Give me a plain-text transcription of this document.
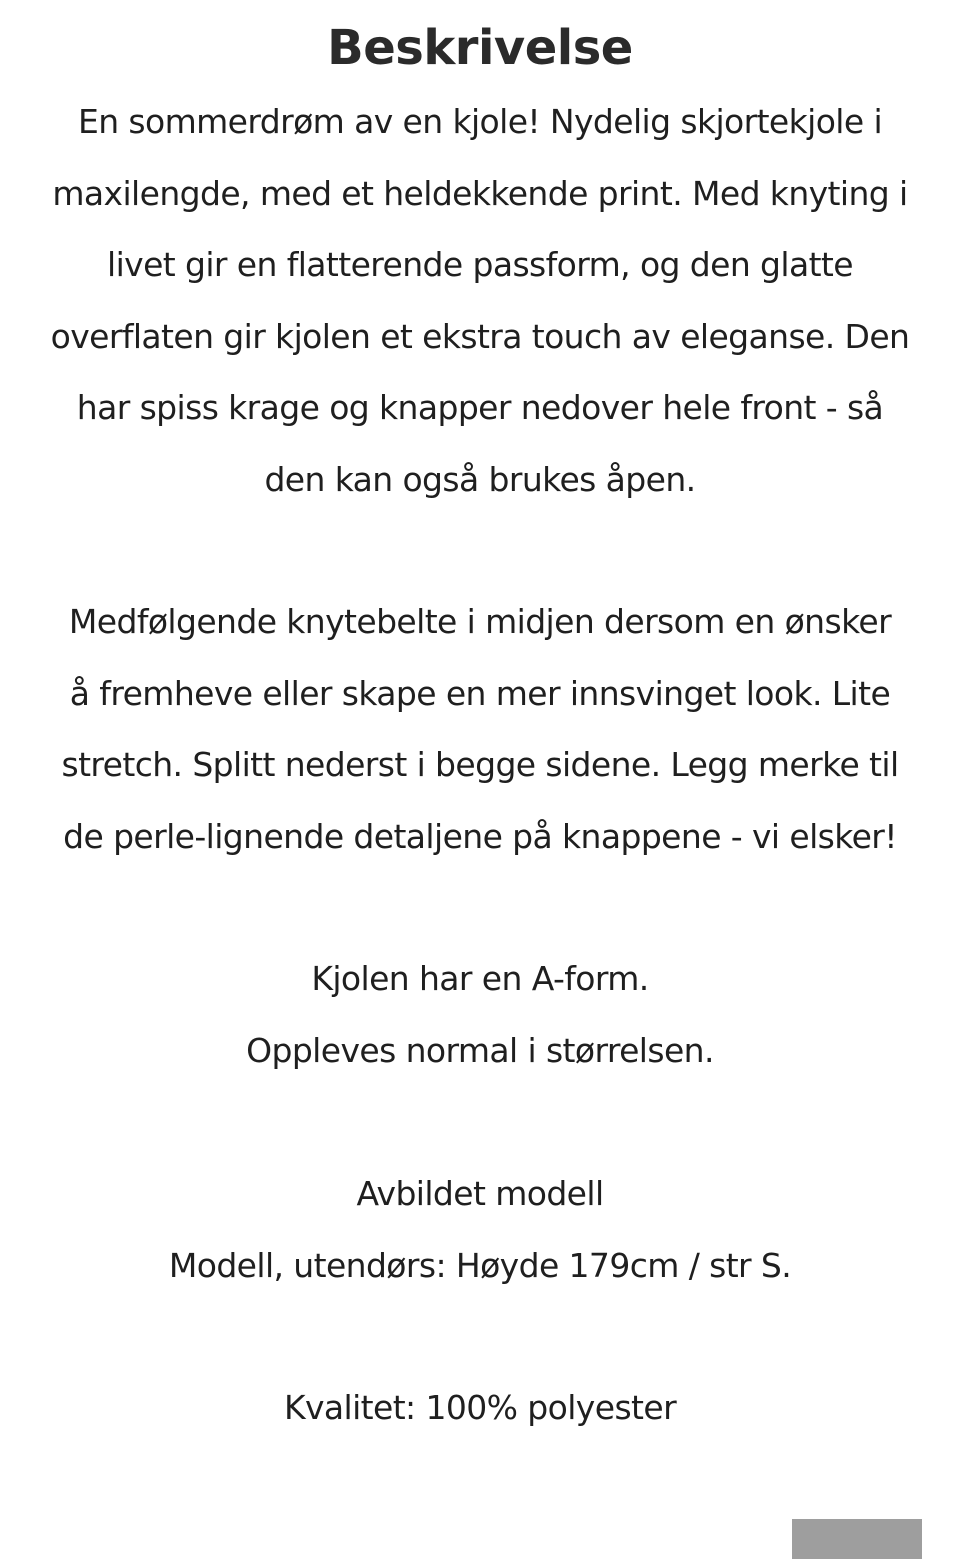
Beskrivelse

En sommerdrøm av en kjole! Nydelig skjortekjole i
maxilengde, med et heldekkende print. Med knyting i
livet gir en flatterende passform, og den glatte
overflaten gir kjolen et ekstra touch av eleganse. Den
har spiss krage og knapper nedover hele front - så
den kan også brukes åpen.

Medfølgende knytebelte i midjen dersom en ønsker
å fremheve eller skape en mer innsvinget look. Lite
stretch. Splitt nederst i begge sidene. Legg merke til
de perle-lignende detaljene på knappene - vi elsker!

Kjolen har en A-form.
Oppleves normal i størrelsen.

Avbildet modell
Modell, utendørs: Høyde 179cm / str S.

Kvalitet: 100% polyester
